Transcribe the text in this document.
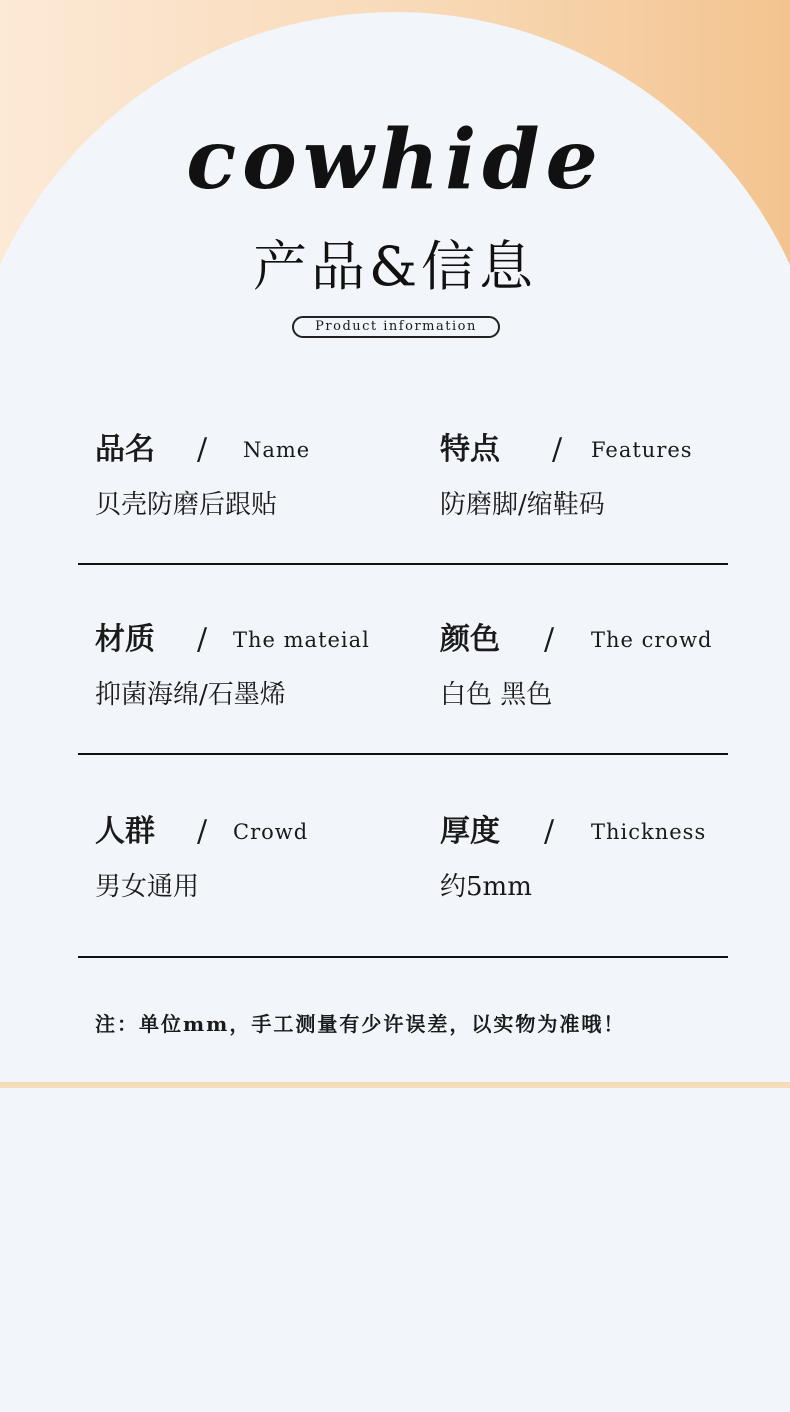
cowhide
产品&信息
Product information
品名 / Name
贝壳防磨后跟贴
特点 / Features
防磨脚/缩鞋码
材质 / The mateial
抑菌海绵/石墨烯
颜色 / The crowd
白色 黑色
人群 / Crowd
男女通用
厚度 / Thickness
约5mm
注：单位mm，手工测量有少许误差，以实物为准哦！
